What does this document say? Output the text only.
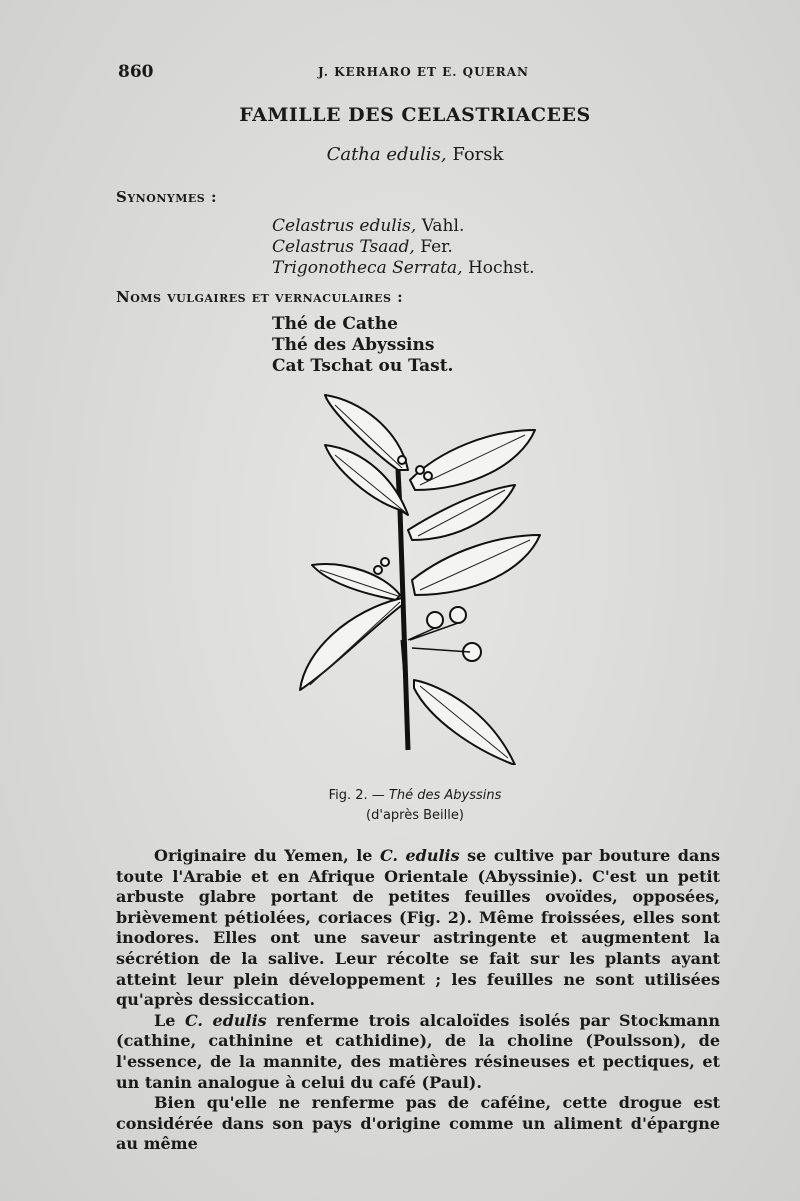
860	J. KERHARO ET E. QUERAN
FAMILLE DES CELASTRIACEES
Catha edulis, Forsk
Synonymes :
Celastrus edulis, Vahl.
Celastrus Tsaad, Fer.
Trigonotheca Serrata, Hochst.
Noms vulgaires et vernaculaires :
Thé de Cathe
Thé des Abyssins
Cat Tschat ou Tast.
Fig. 2. — Thé des Abyssins
(d'après Beille)

Originaire du Yemen, le C. edulis se cultive par bouture dans toute l'Arabie et en Afrique Orientale (Abyssinie). C'est un petit arbuste glabre portant de petites feuilles ovoïdes, opposées, brièvement pétiolées, coriaces (Fig. 2). Même froissées, elles sont inodores. Elles ont une saveur astringente et augmentent la sécrétion de la salive. Leur récolte se fait sur les plants ayant atteint leur plein développement ; les feuilles ne sont utilisées qu'après dessiccation.

Le C. edulis renferme trois alcaloïdes isolés par Stockmann (cathine, cathinine et cathidine), de la choline (Poulsson), de l'essence, de la mannite, des matières résineuses et pectiques, et un tanin analogue à celui du café (Paul).

Bien qu'elle ne renferme pas de caféine, cette drogue est considérée dans son pays d'origine comme un aliment d'épargne au même
